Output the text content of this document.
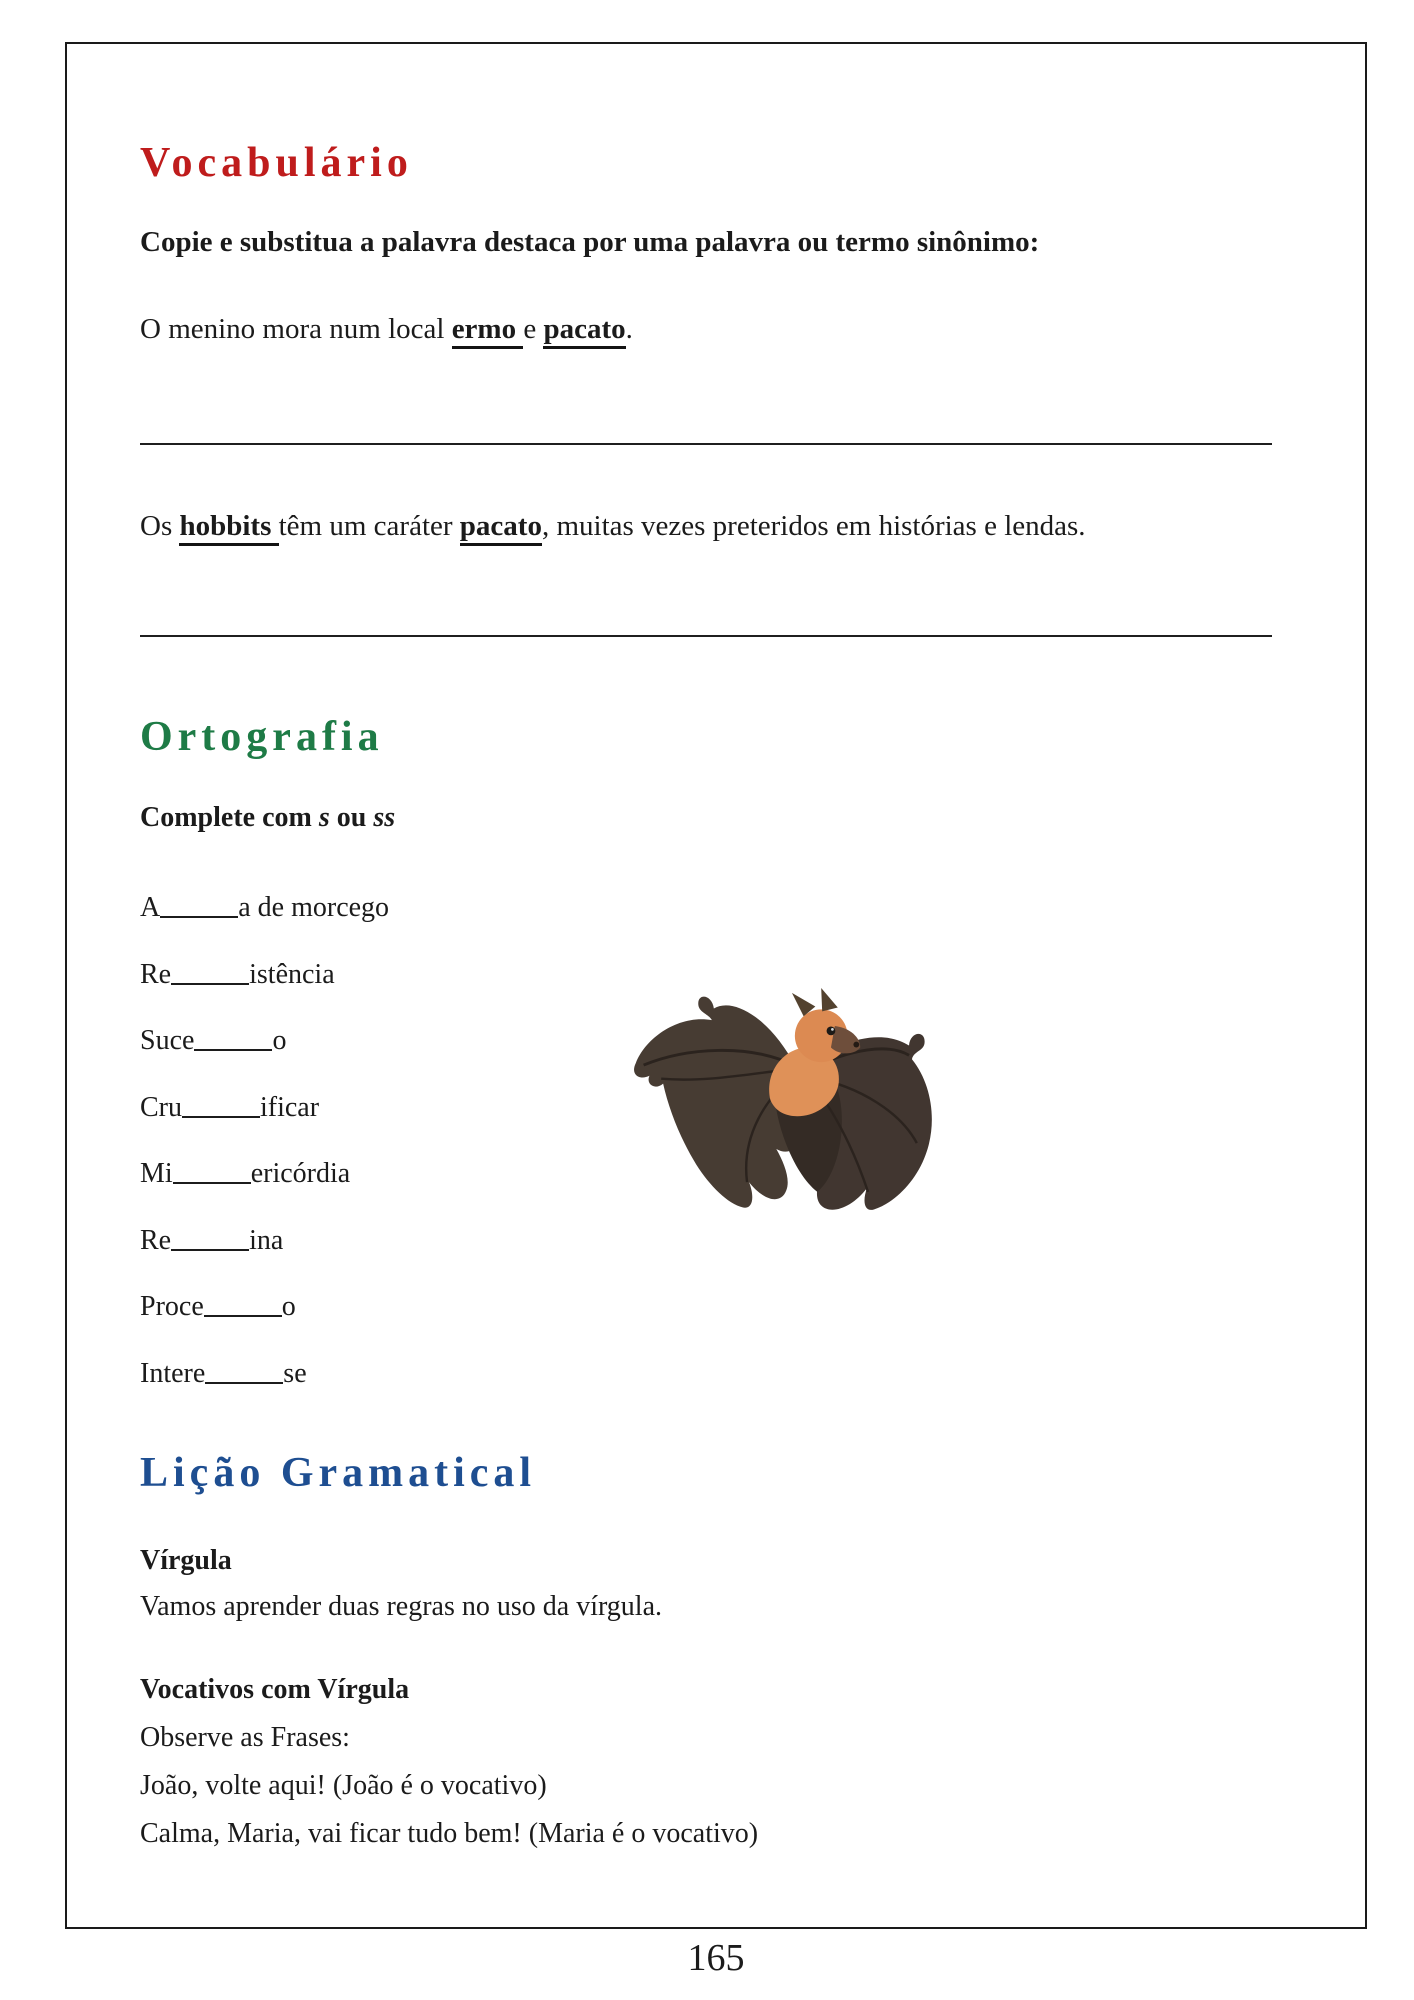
Vocabulário
Copie e substitua a palavra destaca por uma palavra ou termo sinônimo:
O menino mora num local ermo e pacato.
Os hobbits têm um caráter pacato, muitas vezes preteridos em histórias e lendas.
Ortografia
Complete com s ou ss
A	a de morcego
Re	istência
Suce	o
Cru	ificar
Mi	ericórdia
Re	ina
Proce	o
Intere	se
Lição Gramatical
Vírgula
Vamos aprender duas regras no uso da vírgula.
Vocativos com Vírgula
Observe as Frases:
João, volte aqui! (João é o vocativo)
Calma, Maria, vai ficar tudo bem! (Maria é o vocativo)
165
